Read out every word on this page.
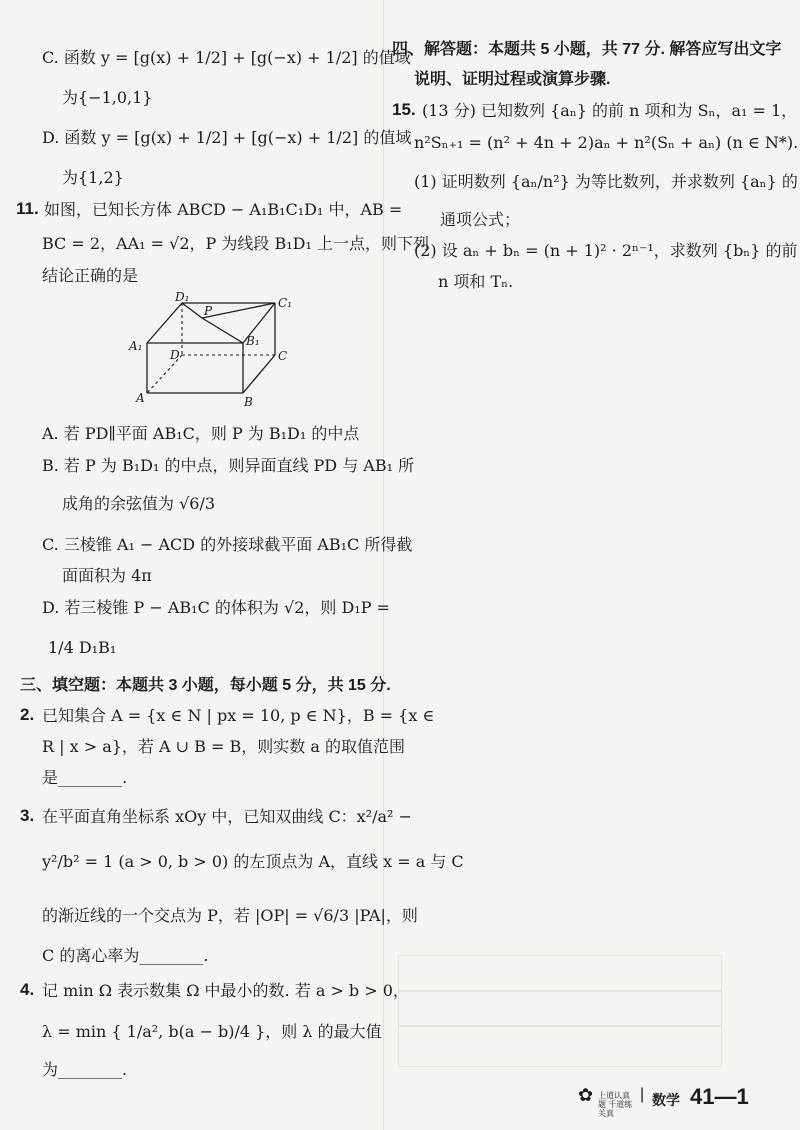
C. 函数 y = [g(x) + 1/2] + [g(−x) + 1/2] 的值域
为{−1,0,1}
D. 函数 y = [g(x) + 1/2] + [g(−x) + 1/2] 的值域
为{1,2}
11. 如图，已知长方体 ABCD − A₁B₁C₁D₁ 中，AB =
BC = 2，AA₁ = √2，P 为线段 B₁D₁ 上一点，则下列
结论正确的是
D₁
P
C₁
A₁	B₁
D	C
A	B
A. 若 PD∥平面 AB₁C，则 P 为 B₁D₁ 的中点
B. 若 P 为 B₁D₁ 的中点，则异面直线 PD 与 AB₁ 所
成角的余弦值为 √6/3
C. 三棱锥 A₁ − ACD 的外接球截平面 AB₁C 所得截
面面积为 4π
D. 若三棱锥 P − AB₁C 的体积为 √2，则 D₁P =
1/4 D₁B₁
三、填空题：本题共 3 小题，每小题 5 分，共 15 分.
2. 已知集合 A = {x ∈ N | px = 10, p ∈ N}，B = {x ∈
R | x > a}，若 A ∪ B = B，则实数 a 的取值范围
是________.
3. 在平面直角坐标系 xOy 中，已知双曲线 C：x²/a² −
y²/b² = 1 (a > 0, b > 0) 的左顶点为 A，直线 x = a 与 C
的渐近线的一个交点为 P，若 |OP| = √6/3 |PA|，则
C 的离心率为________.
4. 记 min Ω 表示数集 Ω 中最小的数. 若 a > b > 0，
λ = min { 1/a², b(a − b)/4 }，则 λ 的最大值
为________.
四、解答题：本题共 5 小题，共 77 分. 解答应写出文字
说明、证明过程或演算步骤.
15. (13 分) 已知数列 {aₙ} 的前 n 项和为 Sₙ，a₁ = 1，
n²Sₙ₊₁ = (n² + 4n + 2)aₙ + n²(Sₙ + aₙ) (n ∈ N*).
(1) 证明数列 {aₙ/n²} 为等比数列，并求数列 {aₙ} 的
通项公式；
(2) 设 aₙ + bₙ = (n + 1)² · 2ⁿ⁻¹，求数列 {bₙ} 的前
n 项和 Tₙ.
✿ 上道认真题 千道练关真
| 数学 41—1
